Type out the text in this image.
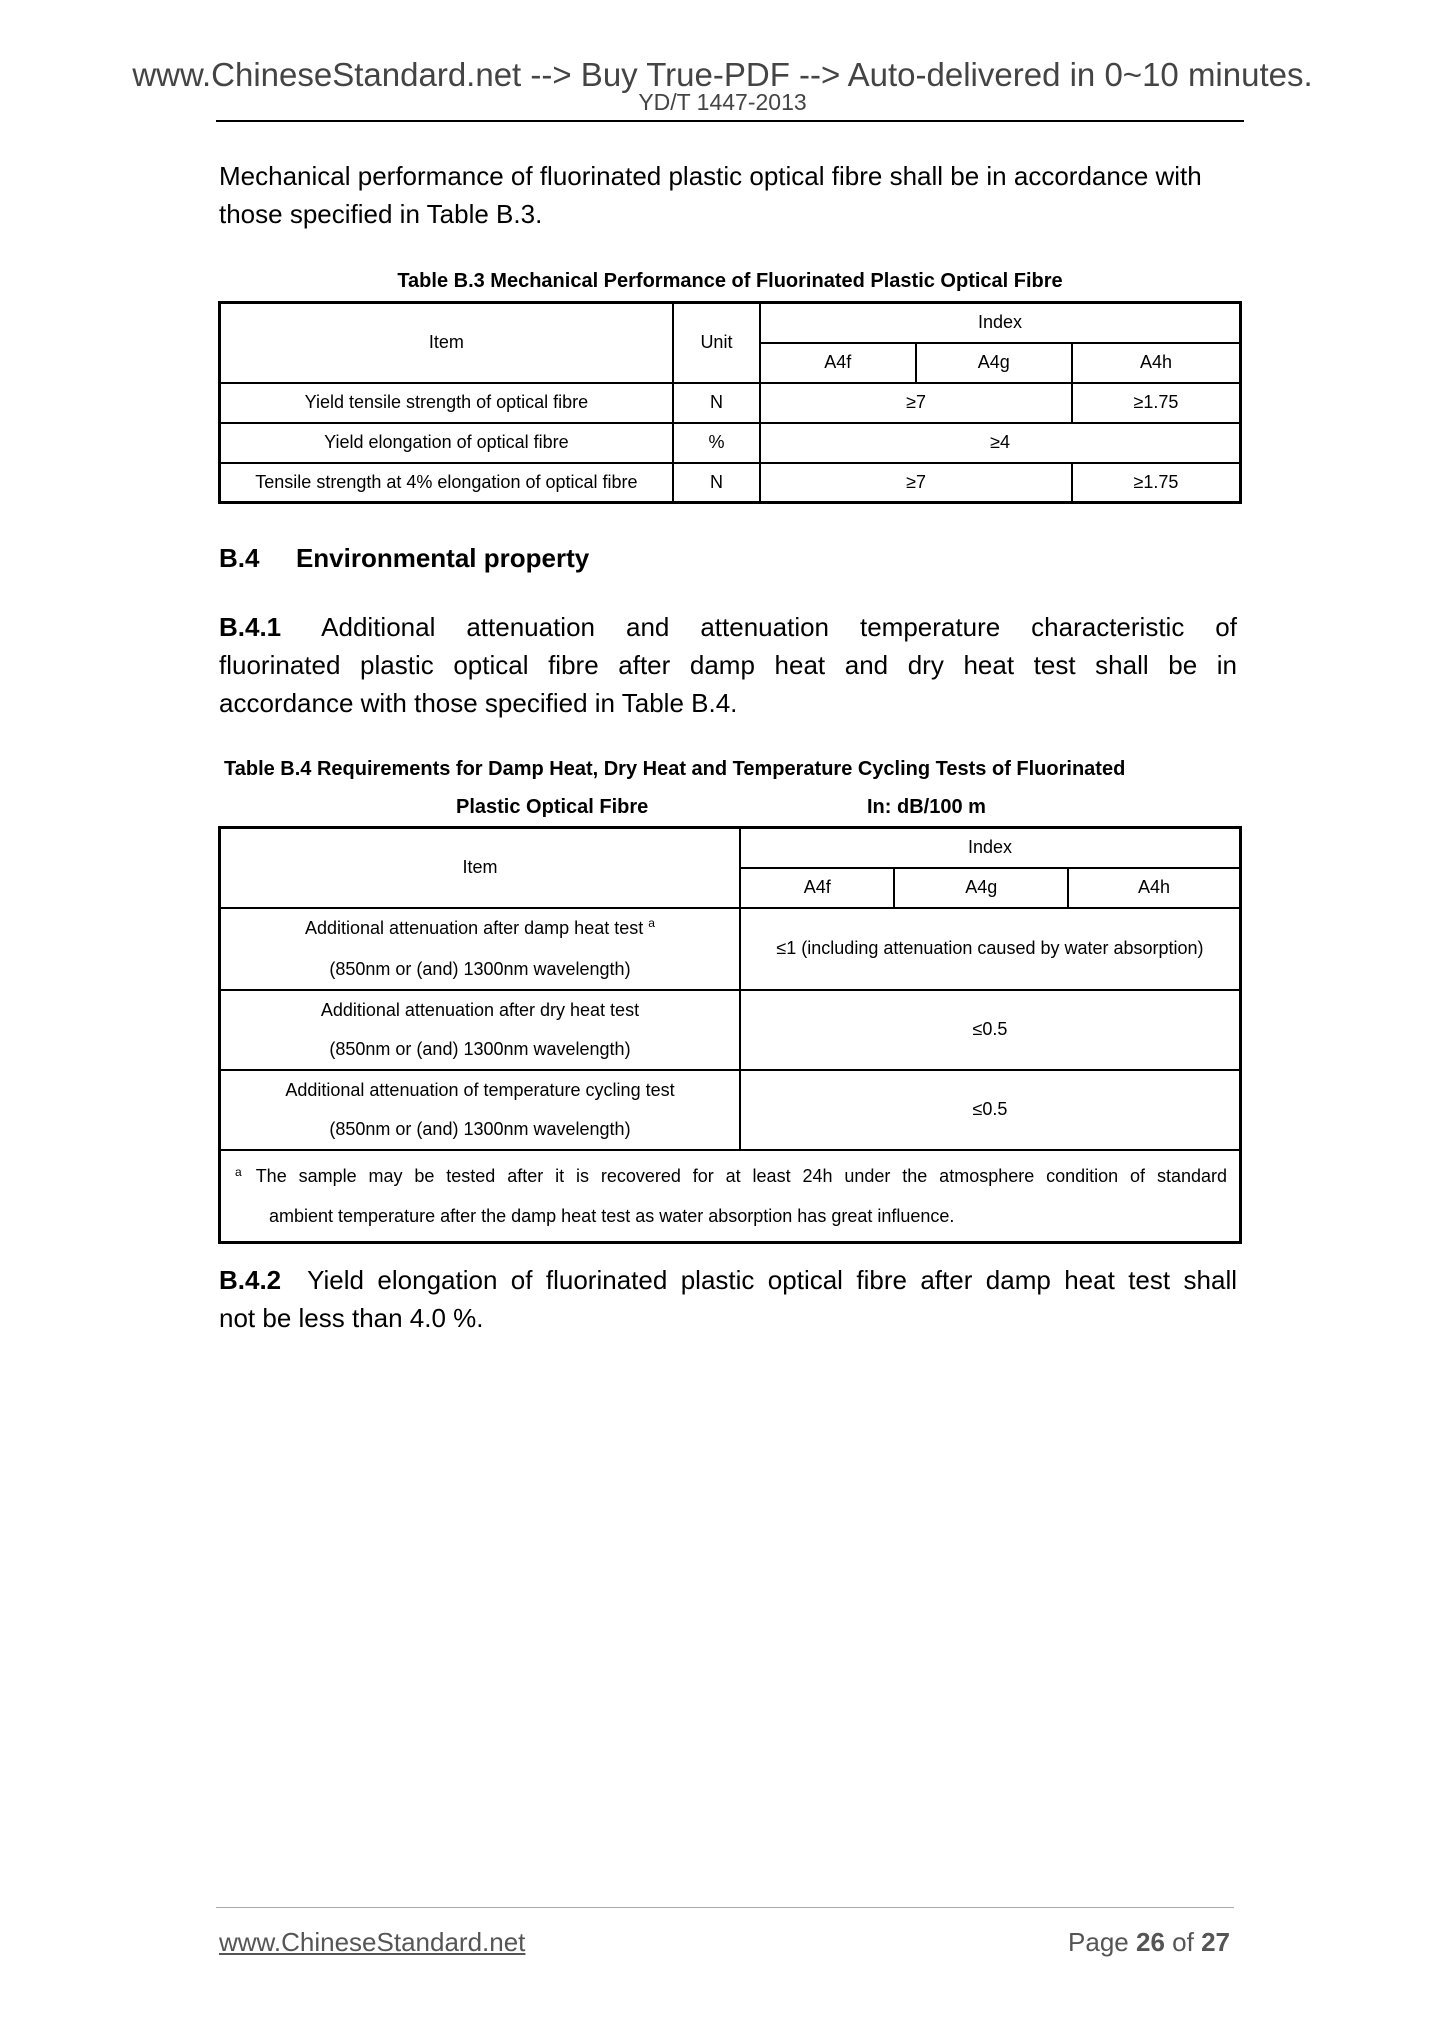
www.ChineseStandard.net --> Buy True-PDF --> Auto-delivered in 0~10 minutes.
YD/T 1447-2013
Mechanical performance of fluorinated plastic optical fibre shall be in accordance with
those specified in Table B.3.
Table B.3 Mechanical Performance of Fluorinated Plastic Optical Fibre
Item	Unit	Index		
		A4f	A4g	A4h
Yield tensile strength of optical fibre	N	≥7		≥1.75
Yield elongation of optical fibre	%	≥4		
Tensile strength at 4% elongation of optical fibre	N	≥7		≥1.75
B.4 Environmental property
B.4.1 Additional attenuation and attenuation temperature characteristic of
fluorinated plastic optical fibre after damp heat and dry heat test shall be in
accordance with those specified in Table B.4.
Table B.4 Requirements for Damp Heat, Dry Heat and Temperature Cycling Tests of Fluorinated
Plastic Optical Fibre	In: dB/100 m
Item	Index		
	A4f	A4g	A4h

Additional attenuation after damp heat test $^a$
(850nm or (and) 1300nm wavelength)	≤1 (including attenuation caused by water absorption)		

Additional attenuation after dry heat test
(850nm or (and) 1300nm wavelength)	≤0.5		

Additional attenuation of temperature cycling test
(850nm or (and) 1300nm wavelength)	≤0.5		

$^a$ The sample may be tested after it is recovered for at least 24h under the atmosphere condition of standard
ambient temperature after the damp heat test as water absorption has great influence.			
B.4.2 Yield elongation of fluorinated plastic optical fibre after damp heat test shall
not be less than 4.0 %.
www.ChineseStandard.net	Page 26 of 27
